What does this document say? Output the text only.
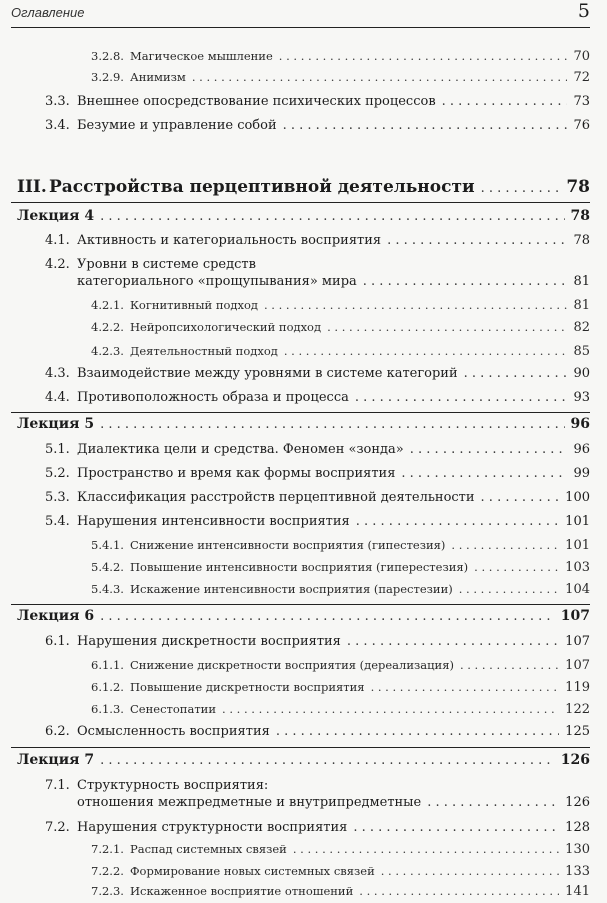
Оглавление	5
3.2.8. Магическое мышление . . .	70
3.2.9. Анимизм . . .	72
3.3. Внешнее опосредствование психических процессов . . .	73
3.4. Безумие и управление собой . . .	76
III. Расстройства перцептивной деятельности . . .	78
Лекция 4 . . .	78
4.1. Активность и категориальность восприятия . . .	78
4.2. Уровни в системе средств
категориального «прощупывания» мира . . .	81
4.2.1. Когнитивный подход . . .	81
4.2.2. Нейропсихологический подход . . .	82
4.2.3. Деятельностный подход . . .	85
4.3. Взаимодействие между уровнями в системе категорий . . .	90
4.4. Противоположность образа и процесса . . .	93
Лекция 5 . . .	96
5.1. Диалектика цели и средства. Феномен «зонда» . . .	96
5.2. Пространство и время как формы восприятия . . .	99
5.3. Классификация расстройств перцептивной деятельности . . .	100
5.4. Нарушения интенсивности восприятия . . .	101
5.4.1. Снижение интенсивности восприятия (гипестезия) . . .	101
5.4.2. Повышение интенсивности восприятия (гиперестезия) . . .	103
5.4.3. Искажение интенсивности восприятия (парестезии) . . .	104
Лекция 6 . . .	107
6.1. Нарушения дискретности восприятия . . .	107
6.1.1. Снижение дискретности восприятия (дереализация) . . .	107
6.1.2. Повышение дискретности восприятия . . .	119
6.1.3. Сенестопатии . . .	122
6.2. Осмысленность восприятия . . .	125
Лекция 7 . . .	126
7.1. Структурность восприятия:
отношения межпредметные и внутрипредметные . . .	126
7.2. Нарушения структурности восприятия . . .	128
7.2.1. Распад системных связей . . .	130
7.2.2. Формирование новых системных связей . . .	133
7.2.3. Искаженное восприятие отношений . . .	141
